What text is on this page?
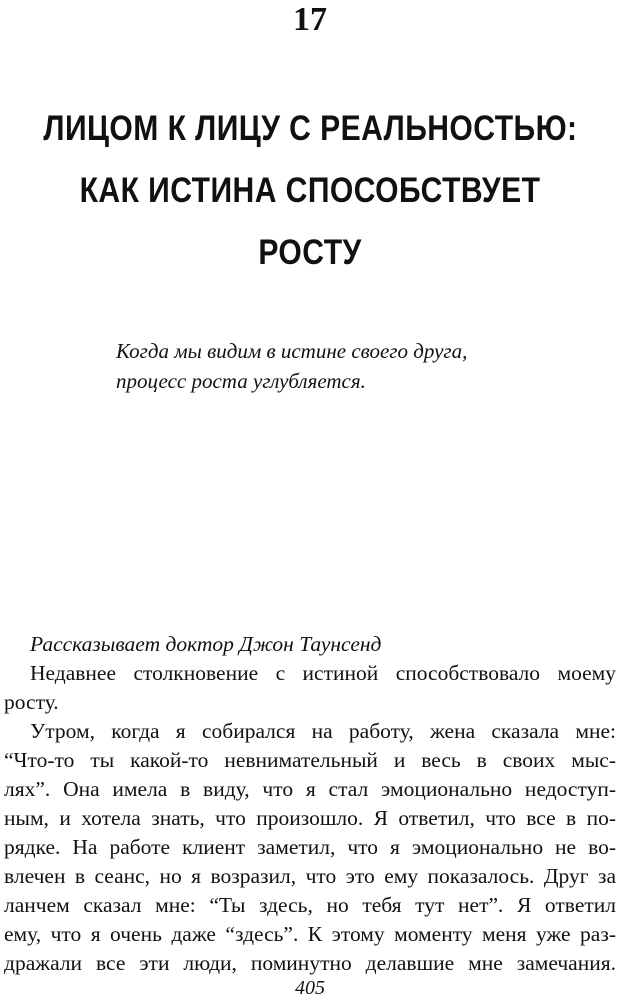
17
ЛИЦОМ К ЛИЦУ С РЕАЛЬНОСТЬЮ:
КАК ИСТИНА СПОСОБСТВУЕТ
РОСТУ
Когда мы видим в истине своего друга,
процесс роста углубляется.
Рассказывает доктор Джон Таунсенд
Недавнее столкновение с истиной способствовало моему
росту.
Утром, когда я собирался на работу, жена сказала мне:
“Что-то ты какой-то невнимательный и весь в своих мыс-
лях”. Она имела в виду, что я стал эмоционально недоступ-
ным, и хотела знать, что произошло. Я ответил, что все в по-
рядке. На работе клиент заметил, что я эмоционально не во-
влечен в сеанс, но я возразил, что это ему показалось. Друг за
ланчем сказал мне: “Ты здесь, но тебя тут нет”. Я ответил
ему, что я очень даже “здесь”. К этому моменту меня уже раз-
дражали все эти люди, поминутно делавшие мне замечания.
405
